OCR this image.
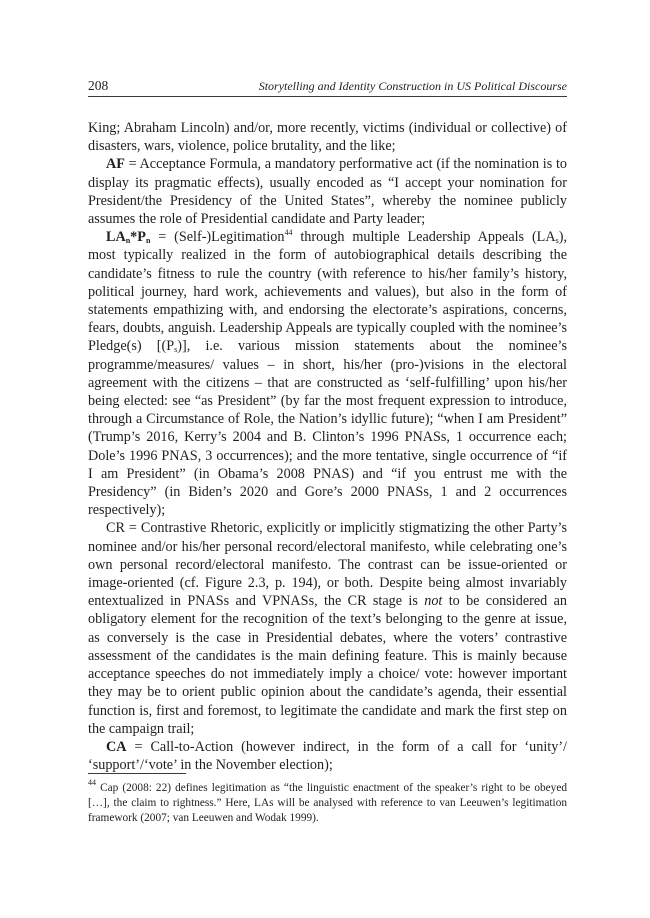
208	Storytelling and Identity Construction in US Political Discourse

King; Abraham Lincoln) and/or, more recently, victims (individual or collective) of disasters, wars, violence, police brutality, and the like;

AF = Acceptance Formula, a mandatory performative act (if the nomination is to display its pragmatic effects), usually encoded as “I accept your nomination for President/the Presidency of the United States”, whereby the nominee publicly assumes the role of Presidential candidate and Party leader;

$LA_n*P_n$ = (Self-)Legitimation$^{44}$ through multiple Leadership Appeals $(LA_s)$, most typically realized in the form of autobiographical details describing the candidate’s fitness to rule the country (with reference to his/her family’s history, political journey, hard work, achievements and values), but also in the form of statements empathizing with, and endorsing the electorate’s aspirations, concerns, fears, doubts, anguish. Leadership Appeals are typically coupled with the nominee’s Pledge(s) $[(P_s)]$, i.e. various mission statements about the nominee’s programme/measures/ values – in short, his/her (pro-)visions in the electoral agreement with the citizens – that are constructed as ‘self-fulfilling’ upon his/her being elected: see “as President” (by far the most frequent expression to introduce, through a Circumstance of Role, the Nation’s idyllic future); “when I am President” (Trump’s 2016, Kerry’s 2004 and B. Clinton’s 1996 PNASs, 1 occurrence each; Dole’s 1996 PNAS, 3 occurrences); and the more tentative, single occurrence of “if I am President” (in Obama’s 2008 PNAS) and “if you entrust me with the Presidency” (in Biden’s 2020 and Gore’s 2000 PNASs, 1 and 2 occurrences respectively);

CR = Contrastive Rhetoric, explicitly or implicitly stigmatizing the other Party’s nominee and/or his/her personal record/electoral manifesto, while celebrating one’s own personal record/electoral manifesto. The contrast can be issue-oriented or image-oriented (cf. Figure 2.3, p. 194), or both. Despite being almost invariably entextualized in PNASs and VPNASs, the CR stage is not to be considered an obligatory element for the recognition of the text’s belonging to the genre at issue, as conversely is the case in Presidential debates, where the voters’ contrastive assessment of the candidates is the main defining feature. This is mainly because acceptance speeches do not immediately imply a choice/ vote: however important they may be to orient public opinion about the candidate’s agenda, their essential function is, first and foremost, to legitimate the candidate and mark the first step on the campaign trail;

CA = Call-to-Action (however indirect, in the form of a call for ‘unity’/ ‘support’/‘vote’ in the November election);

$^{44}$ Cap (2008: 22) defines legitimation as “the linguistic enactment of the speaker’s right to be obeyed […], the claim to rightness.” Here, LAs will be analysed with reference to van Leeuwen’s legitimation framework (2007; van Leeuwen and Wodak 1999).
